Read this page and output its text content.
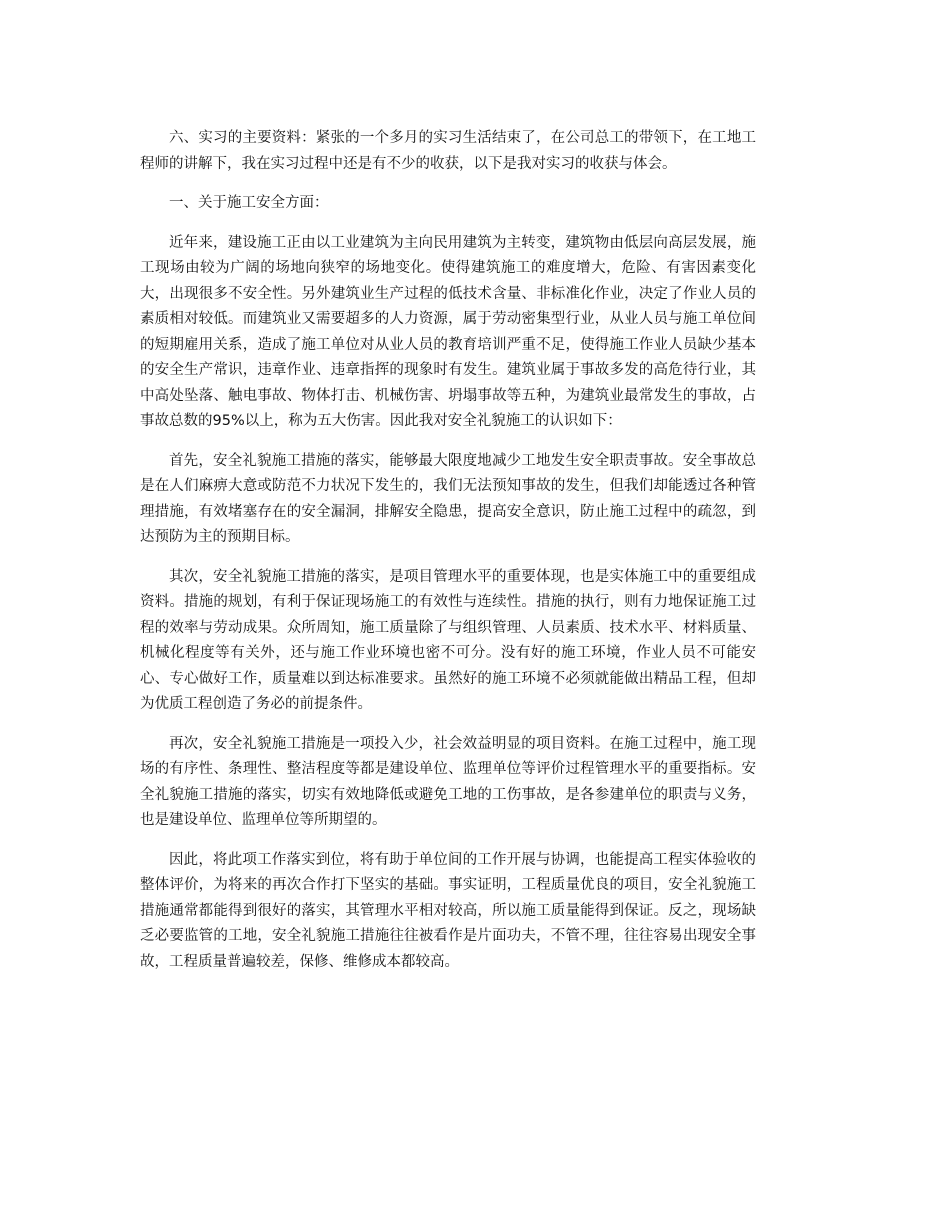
六、实习的主要资料：紧张的一个多月的实习生活结束了，在公司总工的带领下，在工地工程师的讲解下，我在实习过程中还是有不少的收获，以下是我对实习的收获与体会。

一、关于施工安全方面：

近年来，建设施工正由以工业建筑为主向民用建筑为主转变，建筑物由低层向高层发展，施工现场由较为广阔的场地向狭窄的场地变化。使得建筑施工的难度增大，危险、有害因素变化大，出现很多不安全性。另外建筑业生产过程的低技术含量、非标准化作业，决定了作业人员的素质相对较低。而建筑业又需要超多的人力资源，属于劳动密集型行业，从业人员与施工单位间的短期雇用关系，造成了施工单位对从业人员的教育培训严重不足，使得施工作业人员缺少基本的安全生产常识，违章作业、违章指挥的现象时有发生。建筑业属于事故多发的高危待行业，其中高处坠落、触电事故、物体打击、机械伤害、坍塌事故等五种，为建筑业最常发生的事故，占事故总数的95%以上，称为五大伤害。因此我对安全礼貌施工的认识如下：

首先，安全礼貌施工措施的落实，能够最大限度地减少工地发生安全职责事故。安全事故总是在人们麻痹大意或防范不力状况下发生的，我们无法预知事故的发生，但我们却能透过各种管理措施，有效堵塞存在的安全漏洞，排解安全隐患，提高安全意识，防止施工过程中的疏忽，到达预防为主的预期目标。

其次，安全礼貌施工措施的落实，是项目管理水平的重要体现，也是实体施工中的重要组成资料。措施的规划，有利于保证现场施工的有效性与连续性。措施的执行，则有力地保证施工过程的效率与劳动成果。众所周知，施工质量除了与组织管理、人员素质、技术水平、材料质量、机械化程度等有关外，还与施工作业环境也密不可分。没有好的施工环境，作业人员不可能安心、专心做好工作，质量难以到达标准要求。虽然好的施工环境不必须就能做出精品工程，但却为优质工程创造了务必的前提条件。

再次，安全礼貌施工措施是一项投入少，社会效益明显的项目资料。在施工过程中，施工现场的有序性、条理性、整洁程度等都是建设单位、监理单位等评价过程管理水平的重要指标。安全礼貌施工措施的落实，切实有效地降低或避免工地的工伤事故，是各参建单位的职责与义务，也是建设单位、监理单位等所期望的。

因此，将此项工作落实到位，将有助于单位间的工作开展与协调，也能提高工程实体验收的整体评价，为将来的再次合作打下坚实的基础。事实证明，工程质量优良的项目，安全礼貌施工措施通常都能得到很好的落实，其管理水平相对较高，所以施工质量能得到保证。反之，现场缺乏必要监管的工地，安全礼貌施工措施往往被看作是片面功夫，不管不理，往往容易出现安全事故，工程质量普遍较差，保修、维修成本都较高。
